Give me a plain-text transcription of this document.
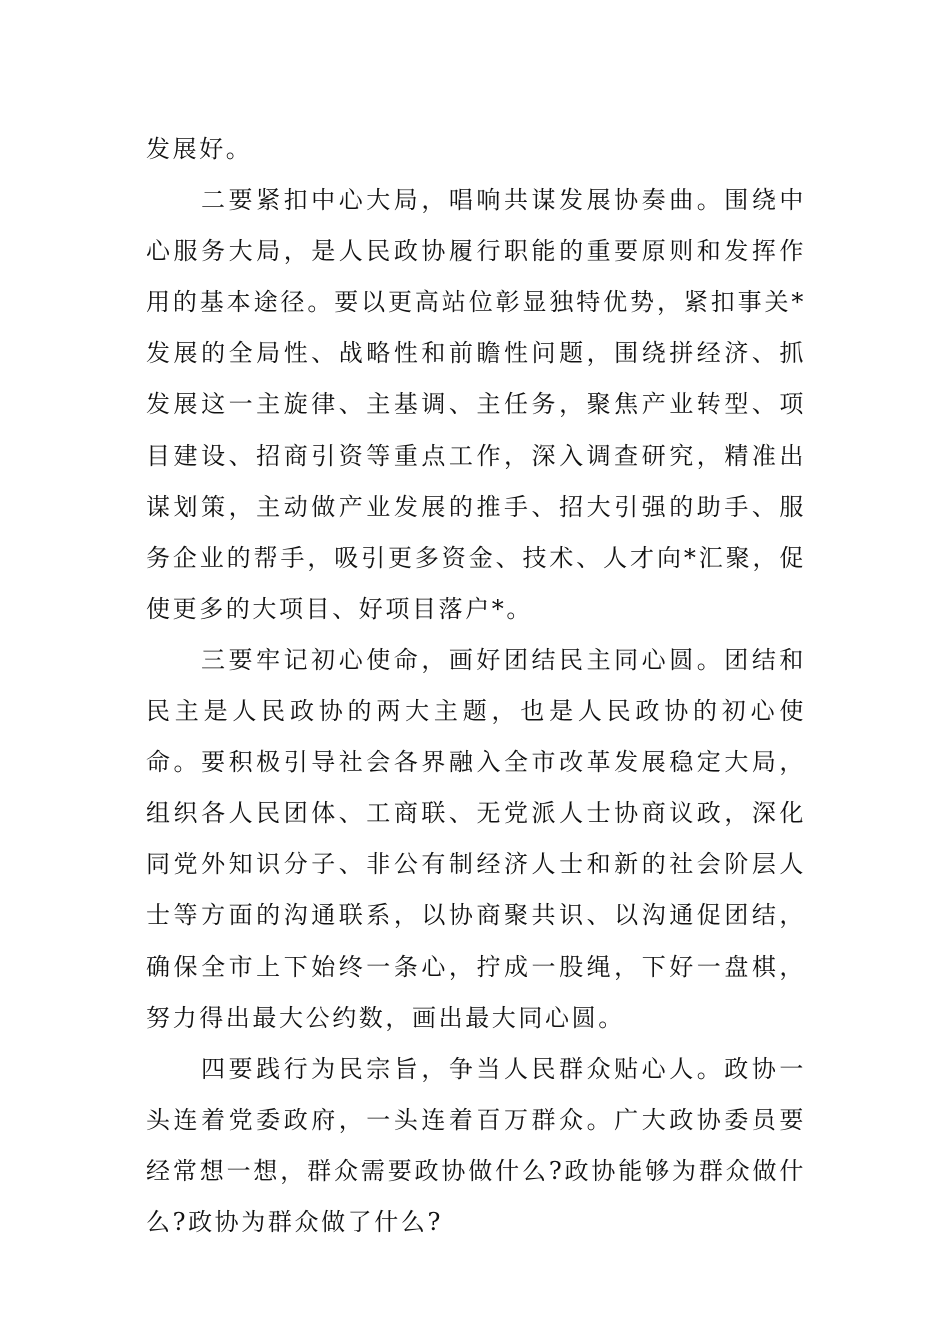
发展好。

二要紧扣中心大局，唱响共谋发展协奏曲。围绕中心服务大局，是人民政协履行职能的重要原则和发挥作用的基本途径。要以更高站位彰显独特优势，紧扣事关*发展的全局性、战略性和前瞻性问题，围绕拼经济、抓发展这一主旋律、主基调、主任务，聚焦产业转型、项目建设、招商引资等重点工作，深入调查研究，精准出谋划策，主动做产业发展的推手、招大引强的助手、服务企业的帮手，吸引更多资金、技术、人才向*汇聚，促使更多的大项目、好项目落户*。

三要牢记初心使命，画好团结民主同心圆。团结和民主是人民政协的两大主题，也是人民政协的初心使命。要积极引导社会各界融入全市改革发展稳定大局，组织各人民团体、工商联、无党派人士协商议政，深化同党外知识分子、非公有制经济人士和新的社会阶层人士等方面的沟通联系，以协商聚共识、以沟通促团结，确保全市上下始终一条心，拧成一股绳，下好一盘棋，努力得出最大公约数，画出最大同心圆。

四要践行为民宗旨，争当人民群众贴心人。政协一头连着党委政府，一头连着百万群众。广大政协委员要经常想一想，群众需要政协做什么?政协能够为群众做什么?政协为群众做了什么?
